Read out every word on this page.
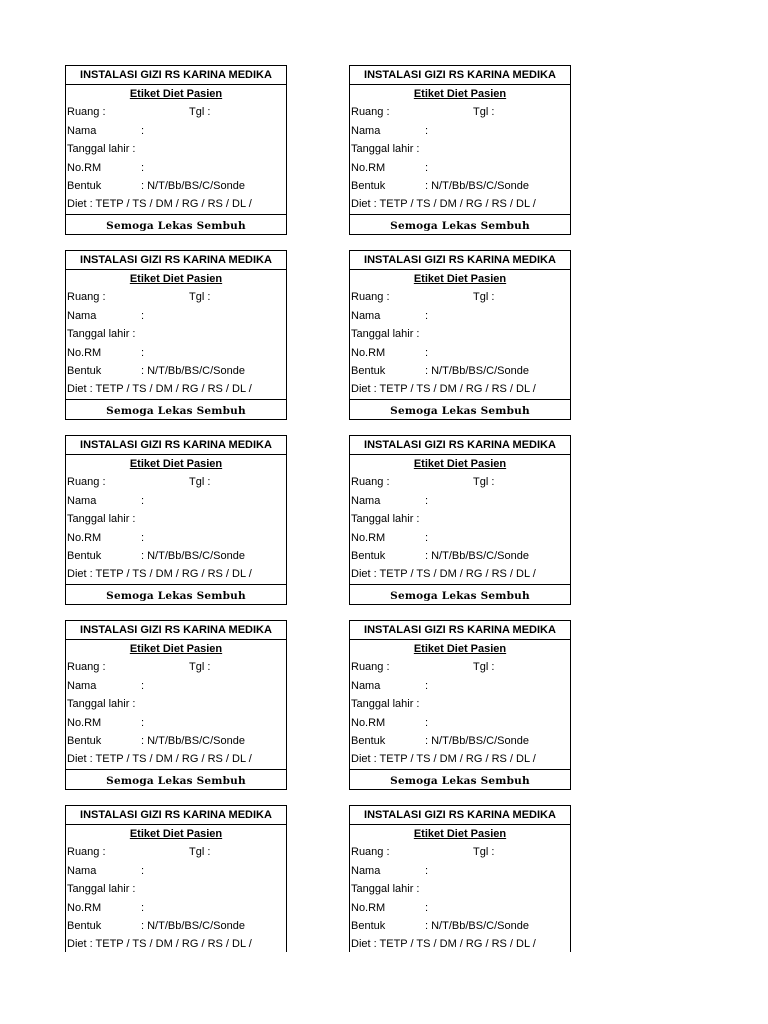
INSTALASI GIZI RS KARINA MEDIKA
Etiket Diet Pasien
Ruang :	Tgl :
Nama	:
Tanggal lahir :
No.RM	:
Bentuk	: N/T/Bb/BS/C/Sonde
Diet : TETP / TS / DM / RG / RS / DL /
Semoga Lekas Sembuh
INSTALASI GIZI RS KARINA MEDIKA
Etiket Diet Pasien
Ruang :	Tgl :
Nama	:
Tanggal lahir :
No.RM	:
Bentuk	: N/T/Bb/BS/C/Sonde
Diet : TETP / TS / DM / RG / RS / DL /
Semoga Lekas Sembuh
INSTALASI GIZI RS KARINA MEDIKA
Etiket Diet Pasien
Ruang :	Tgl :
Nama	:
Tanggal lahir :
No.RM	:
Bentuk	: N/T/Bb/BS/C/Sonde
Diet : TETP / TS / DM / RG / RS / DL /
Semoga Lekas Sembuh
INSTALASI GIZI RS KARINA MEDIKA
Etiket Diet Pasien
Ruang :	Tgl :
Nama	:
Tanggal lahir :
No.RM	:
Bentuk	: N/T/Bb/BS/C/Sonde
Diet : TETP / TS / DM / RG / RS / DL /
Semoga Lekas Sembuh
INSTALASI GIZI RS KARINA MEDIKA
Etiket Diet Pasien
Ruang :	Tgl :
Nama	:
Tanggal lahir :
No.RM	:
Bentuk	: N/T/Bb/BS/C/Sonde
Diet : TETP / TS / DM / RG / RS / DL /
Semoga Lekas Sembuh
INSTALASI GIZI RS KARINA MEDIKA
Etiket Diet Pasien
Ruang :	Tgl :
Nama	:
Tanggal lahir :
No.RM	:
Bentuk	: N/T/Bb/BS/C/Sonde
Diet : TETP / TS / DM / RG / RS / DL /
Semoga Lekas Sembuh
INSTALASI GIZI RS KARINA MEDIKA
Etiket Diet Pasien
Ruang :	Tgl :
Nama	:
Tanggal lahir :
No.RM	:
Bentuk	: N/T/Bb/BS/C/Sonde
Diet : TETP / TS / DM / RG / RS / DL /
Semoga Lekas Sembuh
INSTALASI GIZI RS KARINA MEDIKA
Etiket Diet Pasien
Ruang :	Tgl :
Nama	:
Tanggal lahir :
No.RM	:
Bentuk	: N/T/Bb/BS/C/Sonde
Diet : TETP / TS / DM / RG / RS / DL /
Semoga Lekas Sembuh
INSTALASI GIZI RS KARINA MEDIKA
Etiket Diet Pasien
Ruang :	Tgl :
Nama	:
Tanggal lahir :
No.RM	:
Bentuk	: N/T/Bb/BS/C/Sonde
Diet : TETP / TS / DM / RG / RS / DL /
INSTALASI GIZI RS KARINA MEDIKA
Etiket Diet Pasien
Ruang :	Tgl :
Nama	:
Tanggal lahir :
No.RM	:
Bentuk	: N/T/Bb/BS/C/Sonde
Diet : TETP / TS / DM / RG / RS / DL /
